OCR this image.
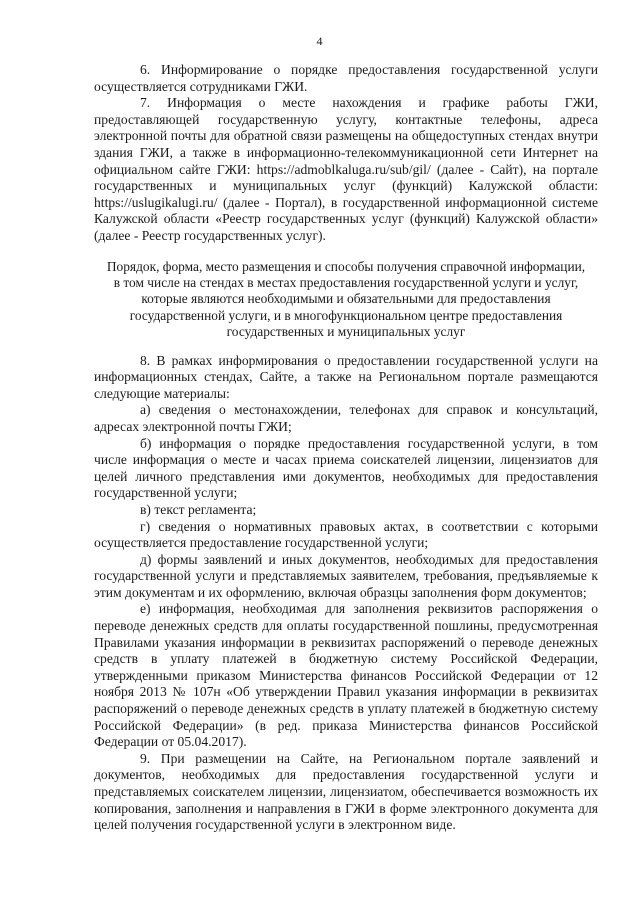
4

6. Информирование о порядке предоставления государственной услуги осуществляется сотрудниками ГЖИ.

7. Информация о месте нахождения и графике работы ГЖИ, предоставляющей государственную услугу, контактные телефоны, адреса электронной почты для обратной связи размещены на общедоступных стендах внутри здания ГЖИ, а также в информационно-телекоммуникационной сети Интернет на официальном сайте ГЖИ: https://admoblkaluga.ru/sub/gil/ (далее - Сайт), на портале государственных и муниципальных услуг (функций) Калужской области: https://uslugikalugi.ru/ (далее - Портал), в государственной информационной системе Калужской области «Реестр государственных услуг (функций) Калужской области» (далее - Реестр государственных услуг).

Порядок, форма, место размещения и способы получения справочной информации, в том числе на стендах в местах предоставления государственной услуги и услуг, которые являются необходимыми и обязательными для предоставления государственной услуги, и в многофункциональном центре предоставления государственных и муниципальных услуг

8. В рамках информирования о предоставлении государственной услуги на информационных стендах, Сайте, а также на Региональном портале размещаются следующие материалы:

а) сведения о местонахождении, телефонах для справок и консультаций, адресах электронной почты ГЖИ;

б) информация о порядке предоставления государственной услуги, в том числе информация о месте и часах приема соискателей лицензии, лицензиатов для целей личного представления ими документов, необходимых для предоставления государственной услуги;

в) текст регламента;

г) сведения о нормативных правовых актах, в соответствии с которыми осуществляется предоставление государственной услуги;

д) формы заявлений и иных документов, необходимых для предоставления государственной услуги и представляемых заявителем, требования, предъявляемые к этим документам и их оформлению, включая образцы заполнения форм документов;

е) информация, необходимая для заполнения реквизитов распоряжения о переводе денежных средств для оплаты государственной пошлины, предусмотренная Правилами указания информации в реквизитах распоряжений о переводе денежных средств в уплату платежей в бюджетную систему Российской Федерации, утвержденными приказом Министерства финансов Российской Федерации от 12 ноября 2013 № 107н «Об утверждении Правил указания информации в реквизитах распоряжений о переводе денежных средств в уплату платежей в бюджетную систему Российской Федерации» (в ред. приказа Министерства финансов Российской Федерации от 05.04.2017).

9. При размещении на Сайте, на Региональном портале заявлений и документов, необходимых для предоставления государственной услуги и представляемых соискателем лицензии, лицензиатом, обеспечивается возможность их копирования, заполнения и направления в ГЖИ в форме электронного документа для целей получения государственной услуги в электронном виде.
